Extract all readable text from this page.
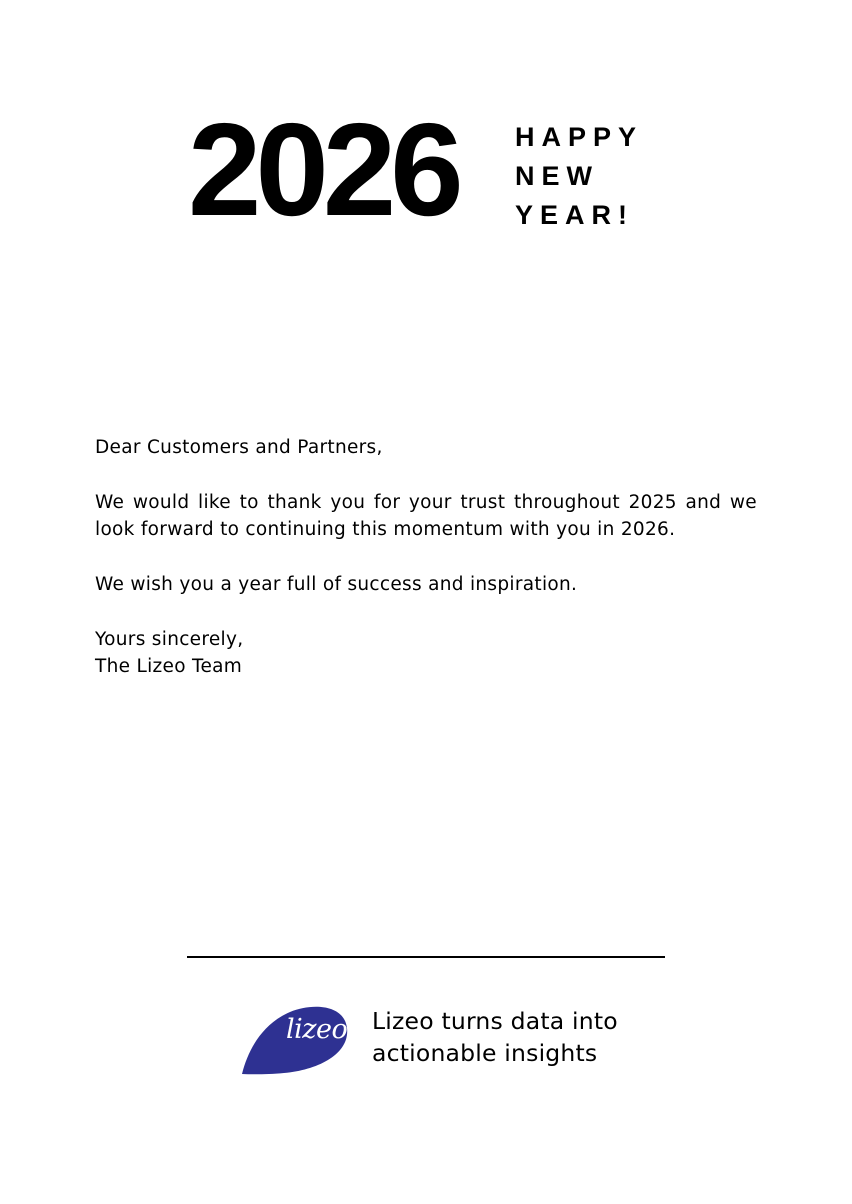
2026 HAPPY
NEW
YEAR!

Dear Customers and Partners,

We would like to thank you for your trust throughout 2025 and we look forward to continuing this momentum with you in 2026.

We wish you a year full of success and inspiration.

Yours sincerely,
The Lizeo Team

lizeo Lizeo turns data into
actionable insights
